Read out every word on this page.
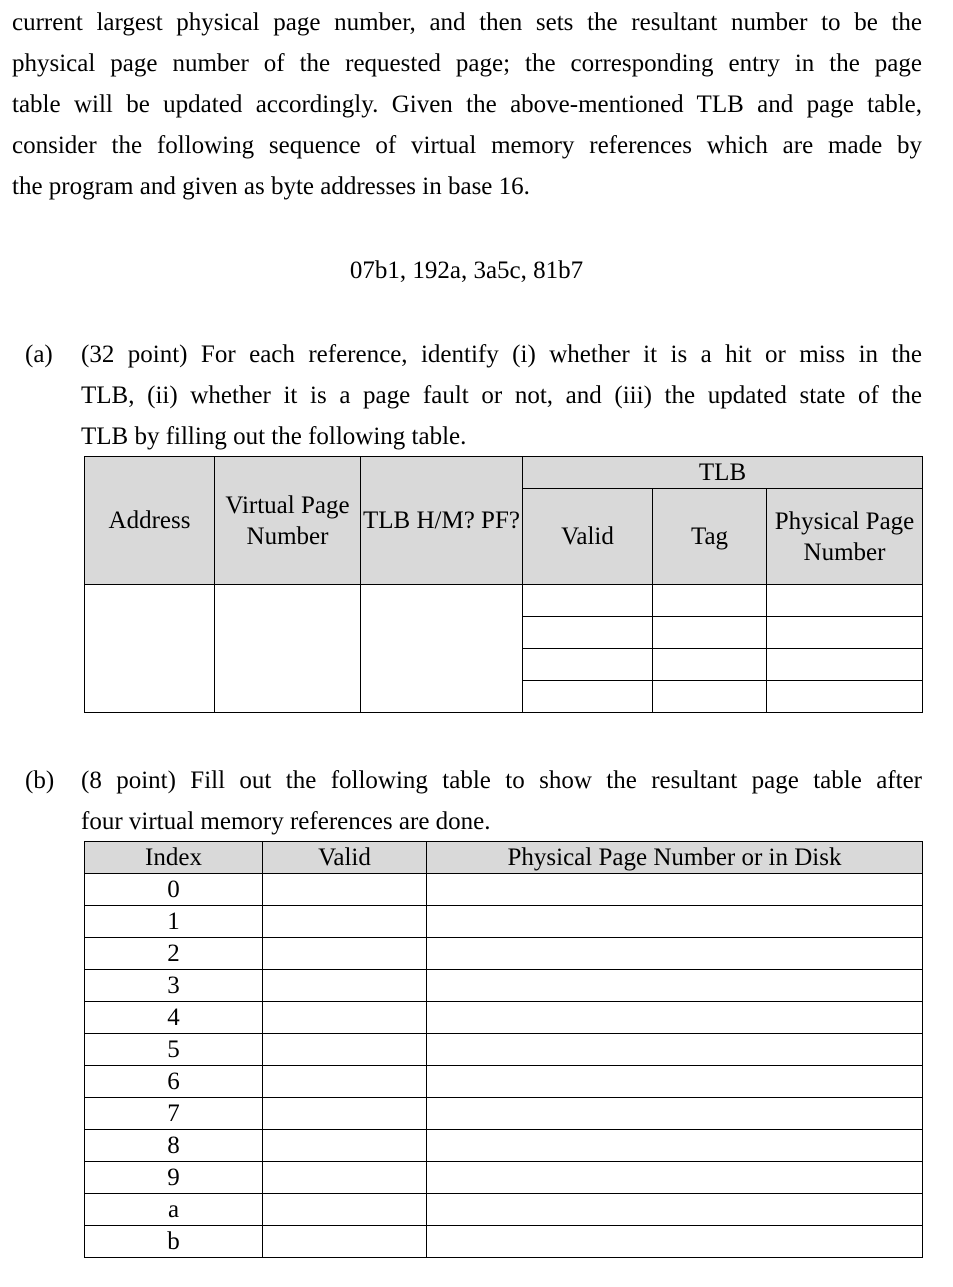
current largest physical page number, and then sets the resultant number to be the
physical page number of the requested page; the corresponding entry in the page
table will be updated accordingly. Given the above-mentioned TLB and page table,
consider the following sequence of virtual memory references which are made by
the program and given as byte addresses in base 16.
07b1, 192a, 3a5c, 81b7
(a) (32 point) For each reference, identify (i) whether it is a hit or miss in the
TLB, (ii) whether it is a page fault or not, and (iii) the updated state of the
TLB by filling out the following table.
Address	Virtual Page Number	TLB H/M? PF?	TLB		
			Valid	Tag	Physical Page Number

(b) (8 point) Fill out the following table to show the resultant page table after
four virtual memory references are done.
Index	Valid	Physical Page Number or in Disk
0		
1		
2		
3		
4		
5		
6		
7		
8		
9		
a		
b		
